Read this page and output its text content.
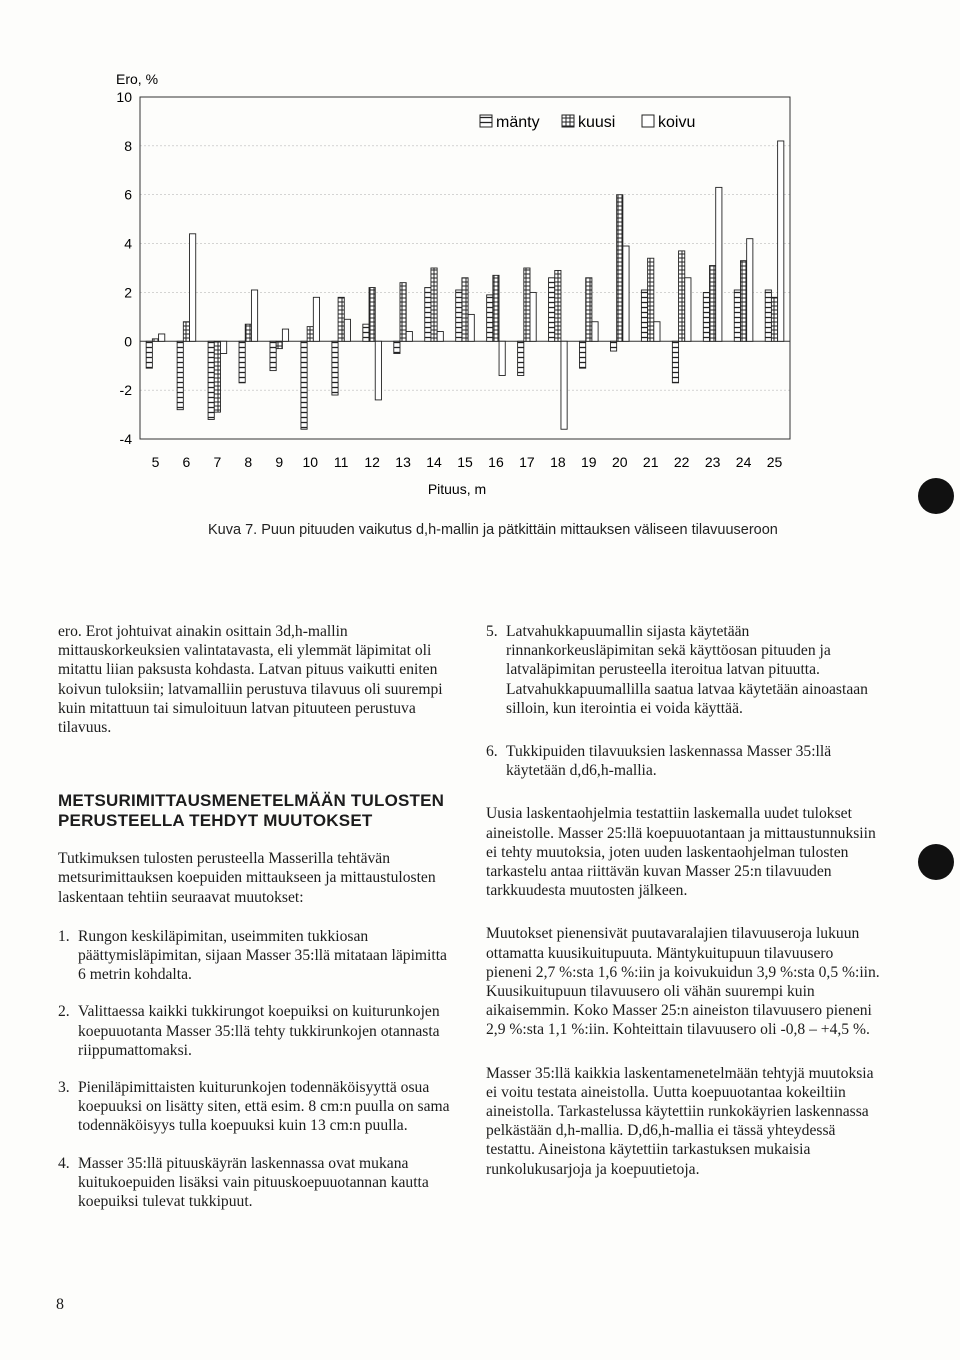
Ero, %
10
8
6
4
2
0
-2
-4
5 6 7 8 9 10 11 12 13 14 15 16 17 18 19 20 21 22 23 24 25
Pituus, m
mänty kuusi	koivu
Kuva 7. Puun pituuden vaikutus d,h-mallin ja pätkittäin mittauksen väliseen tilavuuseroon

ero. Erot johtuivat ainakin osittain 3d,h-mallin mittauskorkeuksien valintatavasta, eli ylemmät läpimitat oli mitattu liian paksusta kohdasta. Latvan pituus vaikutti eniten koivun tuloksiin; latvamalliin perustuva tilavuus oli suurempi kuin mitattuun tai simuloituun latvan pituuteen perustuva tilavuus.

METSURIMITTAUSMENETELMÄÄN TULOSTEN PERUSTEELLA TEHDYT MUUTOKSET

Tutkimuksen tulosten perusteella Masserilla tehtävän metsurimittauksen koepuiden mittaukseen ja mittaustulosten laskentaan tehtiin seuraavat muutokset:

1. Rungon keskiläpimitan, useimmiten tukkiosan päättymisläpimitan, sijaan Masser 35:llä mitataan läpimitta 6 metrin kohdalta.
2. Valittaessa kaikki tukkirungot koepuiksi on kuiturunkojen koepuuotanta Masser 35:llä tehty tukkirunkojen otannasta riippumattomaksi.
3. Pieniläpimittaisten kuiturunkojen todennäköisyyttä osua koepuuksi on lisätty siten, että esim. 8 cm:n puulla on sama todennäköisyys tulla koepuuksi kuin 13 cm:n puulla.
4. Masser 35:llä pituuskäyrän laskennassa ovat mukana kuitukoepuiden lisäksi vain pituuskoepuuotannan kautta koepuiksi tulevat tukkipuut.
5. Latvahukkapuumallin sijasta käytetään rinnankorkeusläpimitan sekä käyttöosan pituuden ja latvaläpimitan perusteella iteroitua latvan pituutta. Latvahukkapuumallilla saatua latvaa käytetään ainoastaan silloin, kun iterointia ei voida käyttää.
6. Tukkipuiden tilavuuksien laskennassa Masser 35:llä käytetään d,d6,h-mallia.

Uusia laskentaohjelmia testattiin laskemalla uudet tulokset aineistolle. Masser 25:llä koepuuotantaan ja mittaustunnuksiin ei tehty muutoksia, joten uuden laskentaohjelman tulosten tarkastelu antaa riittävän kuvan Masser 25:n tilavuuden tarkkuudesta muutosten jälkeen.

Muutokset pienensivät puutavaralajien tilavuuseroja lukuun ottamatta kuusikuitupuuta. Mäntykuitupuun tilavuusero pieneni 2,7 %:sta 1,6 %:iin ja koivukuidun 3,9 %:sta 0,5 %:iin. Kuusikuitupuun tilavuusero oli vähän suurempi kuin aikaisemmin. Koko Masser 25:n aineiston tilavuusero pieneni 2,9 %:sta 1,1 %:iin. Kohteittain tilavuusero oli -0,8 – +4,5 %.

Masser 35:llä kaikkia laskentamenetelmään tehtyjä muutoksia ei voitu testata aineistolla. Uutta koepuuotantaa kokeiltiin aineistolla. Tarkastelussa käytettiin runkokäyrien laskennassa pelkästään d,h-mallia. D,d6,h-mallia ei tässä yhteydessä testattu. Aineistona käytettiin tarkastuksen mukaisia runkolukusarjoja ja koepuutietoja.

8
